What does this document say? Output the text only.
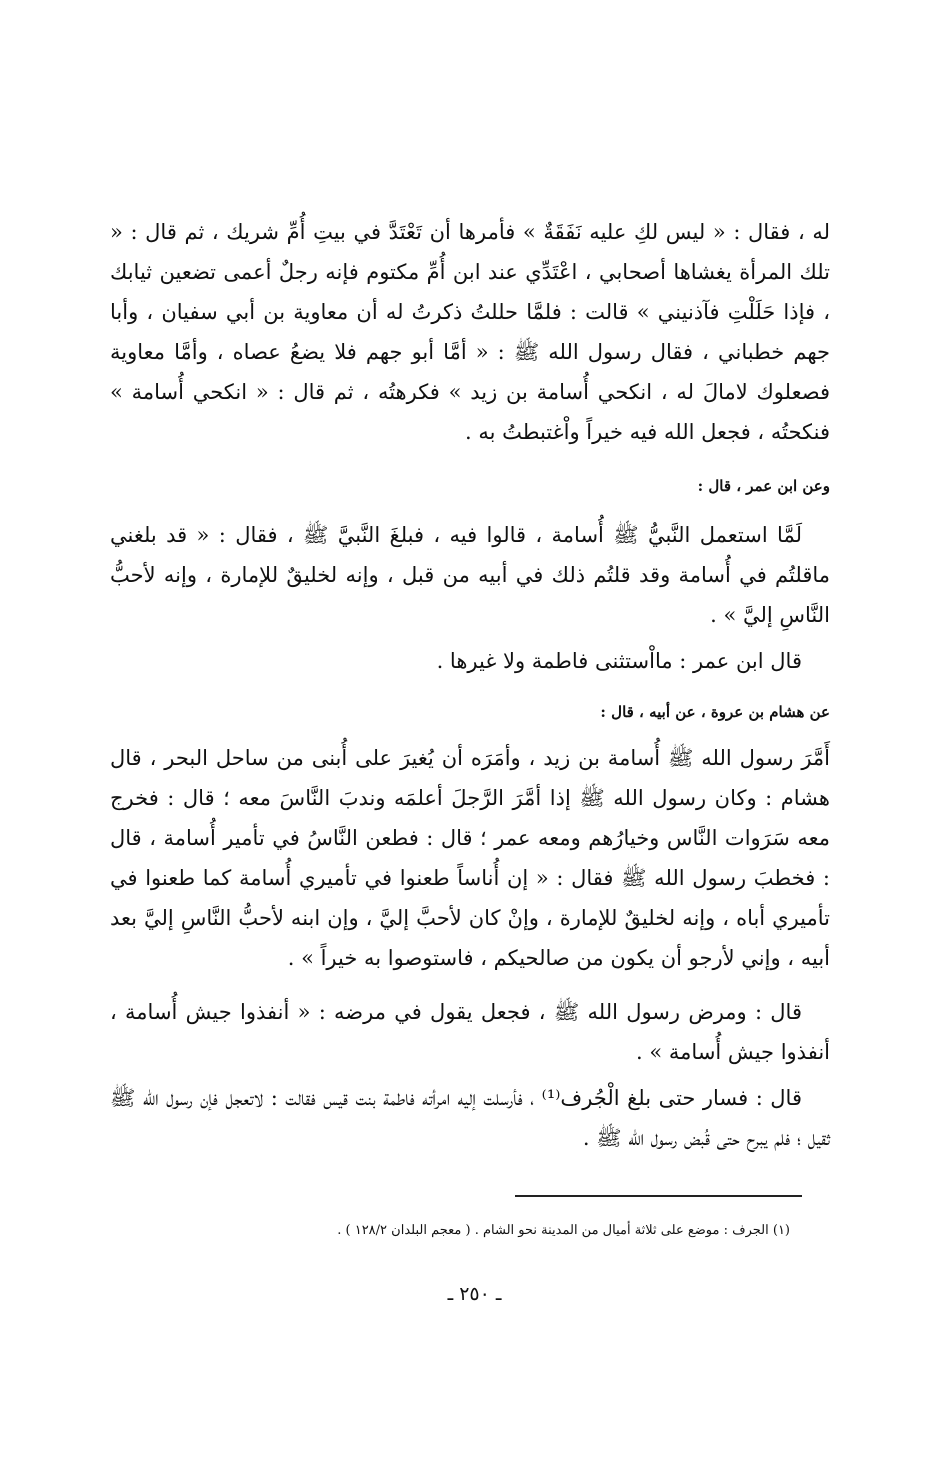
له ، فقال : « ليس لكِ عليه نَفَقَةٌ » فأمرها أن تَعْتَدَّ في بيتِ أُمِّ شريك ، ثم قال : « تلك المرأة يغشاها أصحابي ، اعْتَدِّي عند ابن أُمِّ مكتوم فإنه رجلٌ أعمى تضعين ثيابك ، فإذا حَلَلْتِ فآذنيني » قالت : فلمَّا حللتُ ذكرتُ له أن معاوية بن أبي سفيان ، وأبا جهم خطباني ، فقال رسول الله ﷺ : « أمَّا أبو جهم فلا يضعُ عصاه ، وأمَّا معاوية فصعلوك لامالَ له ، انكحي أُسامة بن زيد » فكرهتُه ، ثم قال : « انكحي أُسامة » فنكحتُه ، فجعل الله فيه خيراً واْغتبطتُ به .
وعن ابن عمر ، قال :
لَمَّا استعمل النَّبيُّ ﷺ أُسامة ، قالوا فيه ، فبلغَ النَّبيَّ ﷺ ، فقال : « قد بلغني ماقلتُم في أُسامة وقد قلتُم ذلك في أبيه من قبل ، وإنه لخليقٌ للإمارة ، وإنه لأحبُّ النَّاسِ إليَّ » .
قال ابن عمر : مااْستثنى فاطمة ولا غيرها .
عن هشام بن عروة ، عن أبيه ، قال :
أَمَّرَ رسول الله ﷺ أُسامة بن زيد ، وأمَرَه أن يُغيرَ على أُبنى من ساحل البحر ، قال هشام : وكان رسول الله ﷺ إذا أمَّرَ الرَّجلَ أعلمَه وندبَ النَّاسَ معه ؛ قال : فخرج معه سَرَوات النَّاس وخيارُهم ومعه عمر ؛ قال : فطعن النَّاسُ في تأمير أُسامة ، قال : فخطبَ رسول الله ﷺ فقال : « إن أُناساً طعنوا في تأميري أُسامة كما طعنوا في تأميري أباه ، وإنه لخليقٌ للإمارة ، وإنْ كان لأحبَّ إليَّ ، وإن ابنه لأحبُّ النَّاسِ إليَّ بعد أبيه ، وإني لأرجو أن يكون من صالحيكم ، فاستوصوا به خيراً » .
قال : ومرض رسول الله ﷺ ، فجعل يقول في مرضه : « أنفذوا جيش أُسامة ، أنفذوا جيش أُسامة » .
قال : فسار حتى بلغ الْجُرف⁽¹⁾ ، فأرسلت إليه امرأته فاطمة بنت قيس فقالت : لاتعجل فإن رسول الله ﷺ ثقيل ؛ فلم يبرح حتى قُبض رسول الله ﷺ .
(١) الجرف : موضع على ثلاثة أميال من المدينة نحو الشام . ( معجم البلدان ١٢٨/٢ ) .
ـ ٢٥٠ ـ
